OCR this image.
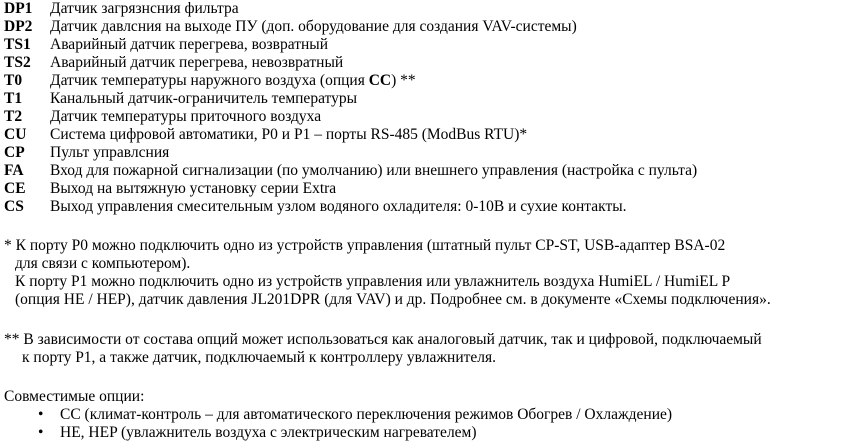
DP1 Датчик загрязнсния фильтра
DP2 Датчик давлсния на выходе ПУ (доп. оборудование для создания VAV-системы)
TS1 Аварийный датчик перегрева, возвратный
TS2 Аварийный датчик перегрева, невозвратный
T0 Датчик температуры наружного воздуха (опция CC) **
T1 Канальный датчик-ограничитель температуры
T2 Датчик температуры приточного воздуха
CU Система цифровой автоматики, P0 и P1 – порты RS-485 (ModBus RTU)*
CP Пульт управлсния
FA Вход для пожарной сигнализации (по умолчанию) или внешнего управления (настройка с пульта)
CE Выход на вытяжную установку серии Extra
CS Выход управления смесительным узлом водяного охладителя: 0-10В и сухие контакты.
* К порту P0 можно подключить одно из устройств управления (штатный пульт CP-ST, USB-адаптер BSA-02
для связи с компьютером).
К порту P1 можно подключить одно из устройств управления или увлажнитель воздуха HumiEL / HumiEL P
(опция HE / HEP), датчик давления JL201DPR (для VAV) и др. Подробнее см. в документе «Схемы подключения».
** В зависимости от состава опций может использоваться как аналоговый датчик, так и цифровой, подключаемый
к порту P1, а также датчик, подключаемый к контроллеру увлажнителя.
Совместимые опции:
• CC (климат-контроль – для автоматического переключения режимов Обогрев / Охлаждение)
• HE, HEP (увлажнитель воздуха с электрическим нагревателем)
